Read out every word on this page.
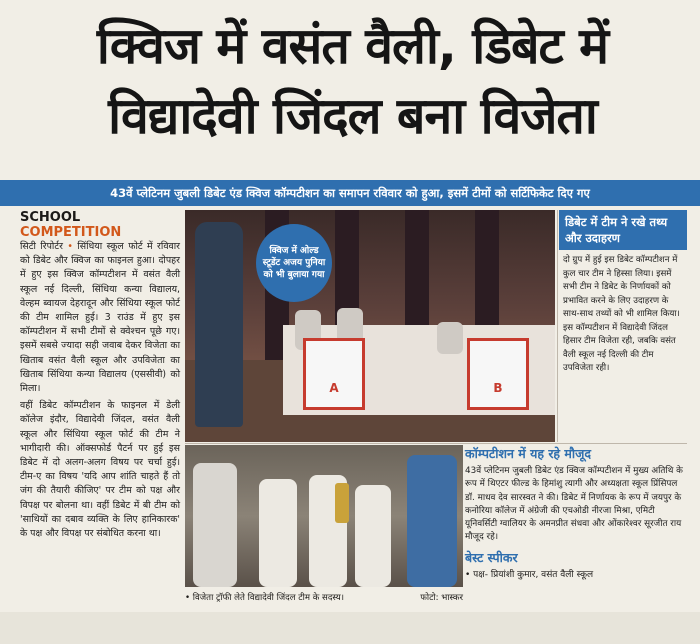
क्विज में वसंत वैली, डिबेट में
विद्यादेवी जिंदल बना विजेता
43वें प्लेटिनम जुबली डिबेट एंड क्विज कॉम्पटीशन का समापन रविवार को हुआ, इसमें टीमों को सर्टिफिकेट दिए गए
SCHOOL COMPETITION
सिटी रिपोर्टर • सिंधिया स्कूल फोर्ट में रविवार को डिबेट और क्विज का फाइनल हुआ। दोपहर में हुए इस क्विज कॉम्पटीशन में वसंत वैली स्कूल नई दिल्ली, सिंधिया कन्या विद्यालय, वेल्हम ब्वायज देहरादून और सिंधिया स्कूल फोर्ट की टीम शामिल हुई। 3 राउंड में हुए इस कॉम्पटीशन में सभी टीमों से क्वेश्चन पूछे गए। इसमें सबसे ज्यादा सही जवाब देकर विजेता का खिताब वसंत वैली स्कूल और उपविजेता का खिताब सिंधिया कन्या विद्यालय (एससीवी) को मिला।
वहीं डिबेट कॉम्पटीशन के फाइनल में डेली कॉलेज इंदौर, विद्यादेवी जिंदल, वसंत वैली स्कूल और सिंधिया स्कूल फोर्ट की टीम ने भागीदारी की। ऑक्सफोर्ड पैटर्न पर हुई इस डिबेट में दो अलग-अलग विषय पर चर्चा हुई। टीम-ए का विषय 'यदि आप शांति चाहते हैं तो जंग की तैयारी कीजिए' पर टीम को पक्ष और विपक्ष पर बोलना था। वहीं डिबेट में बी टीम को 'साथियों का दबाव व्यक्ति के लिए हानिकारक' के पक्ष और विपक्ष पर संबोधित करना था।
A	B
क्विज में ओल्ड स्टूडेंट अजय पुनिया को भी बुलाया गया
डिबेट में टीम ने रखे तथ्य और उदाहरण
दो ग्रुप में हुई इस डिबेट कॉम्पटीशन में कुल चार टीम ने हिस्सा लिया। इसमें सभी टीम ने डिबेट के निर्णायकों को प्रभावित करने के लिए उदाहरण के साथ-साथ तथ्यों को भी शामिल किया। इस कॉम्पटीशन में विद्यादेवी जिंदल हिसार टीम विजेता रही, जबकि वसंत वैली स्कूल नई दिल्ली की टीम उपविजेता रही।
• विजेता ट्रॉफी लेते विद्यादेवी जिंदल टीम के सदस्य।	फोटो: भास्कर
कॉम्पटीशन में यह रहे मौजूद
43वें प्लेटिनम जुबली डिबेट एंड क्विज कॉम्पटीशन में मुख्य अतिथि के रूप में थिएटर फील्ड के हिमांशु त्यागी और अध्यक्षता स्कूल प्रिंसिपल डॉ. माधव देव सारस्वत ने की। डिबेट में निर्णायक के रूप में जयपुर के कनोरिया कॉलेज में अंग्रेजी की एचओडी नीरजा मिश्रा, एमिटी यूनिवर्सिटी ग्वालियर के अमनप्रीत संधवा और ओंकारेश्वर सूरजीत राय मौजूद रहे।
बेस्ट स्पीकर
• पक्ष- प्रियांशी कुमार, वसंत वैली स्कूल
